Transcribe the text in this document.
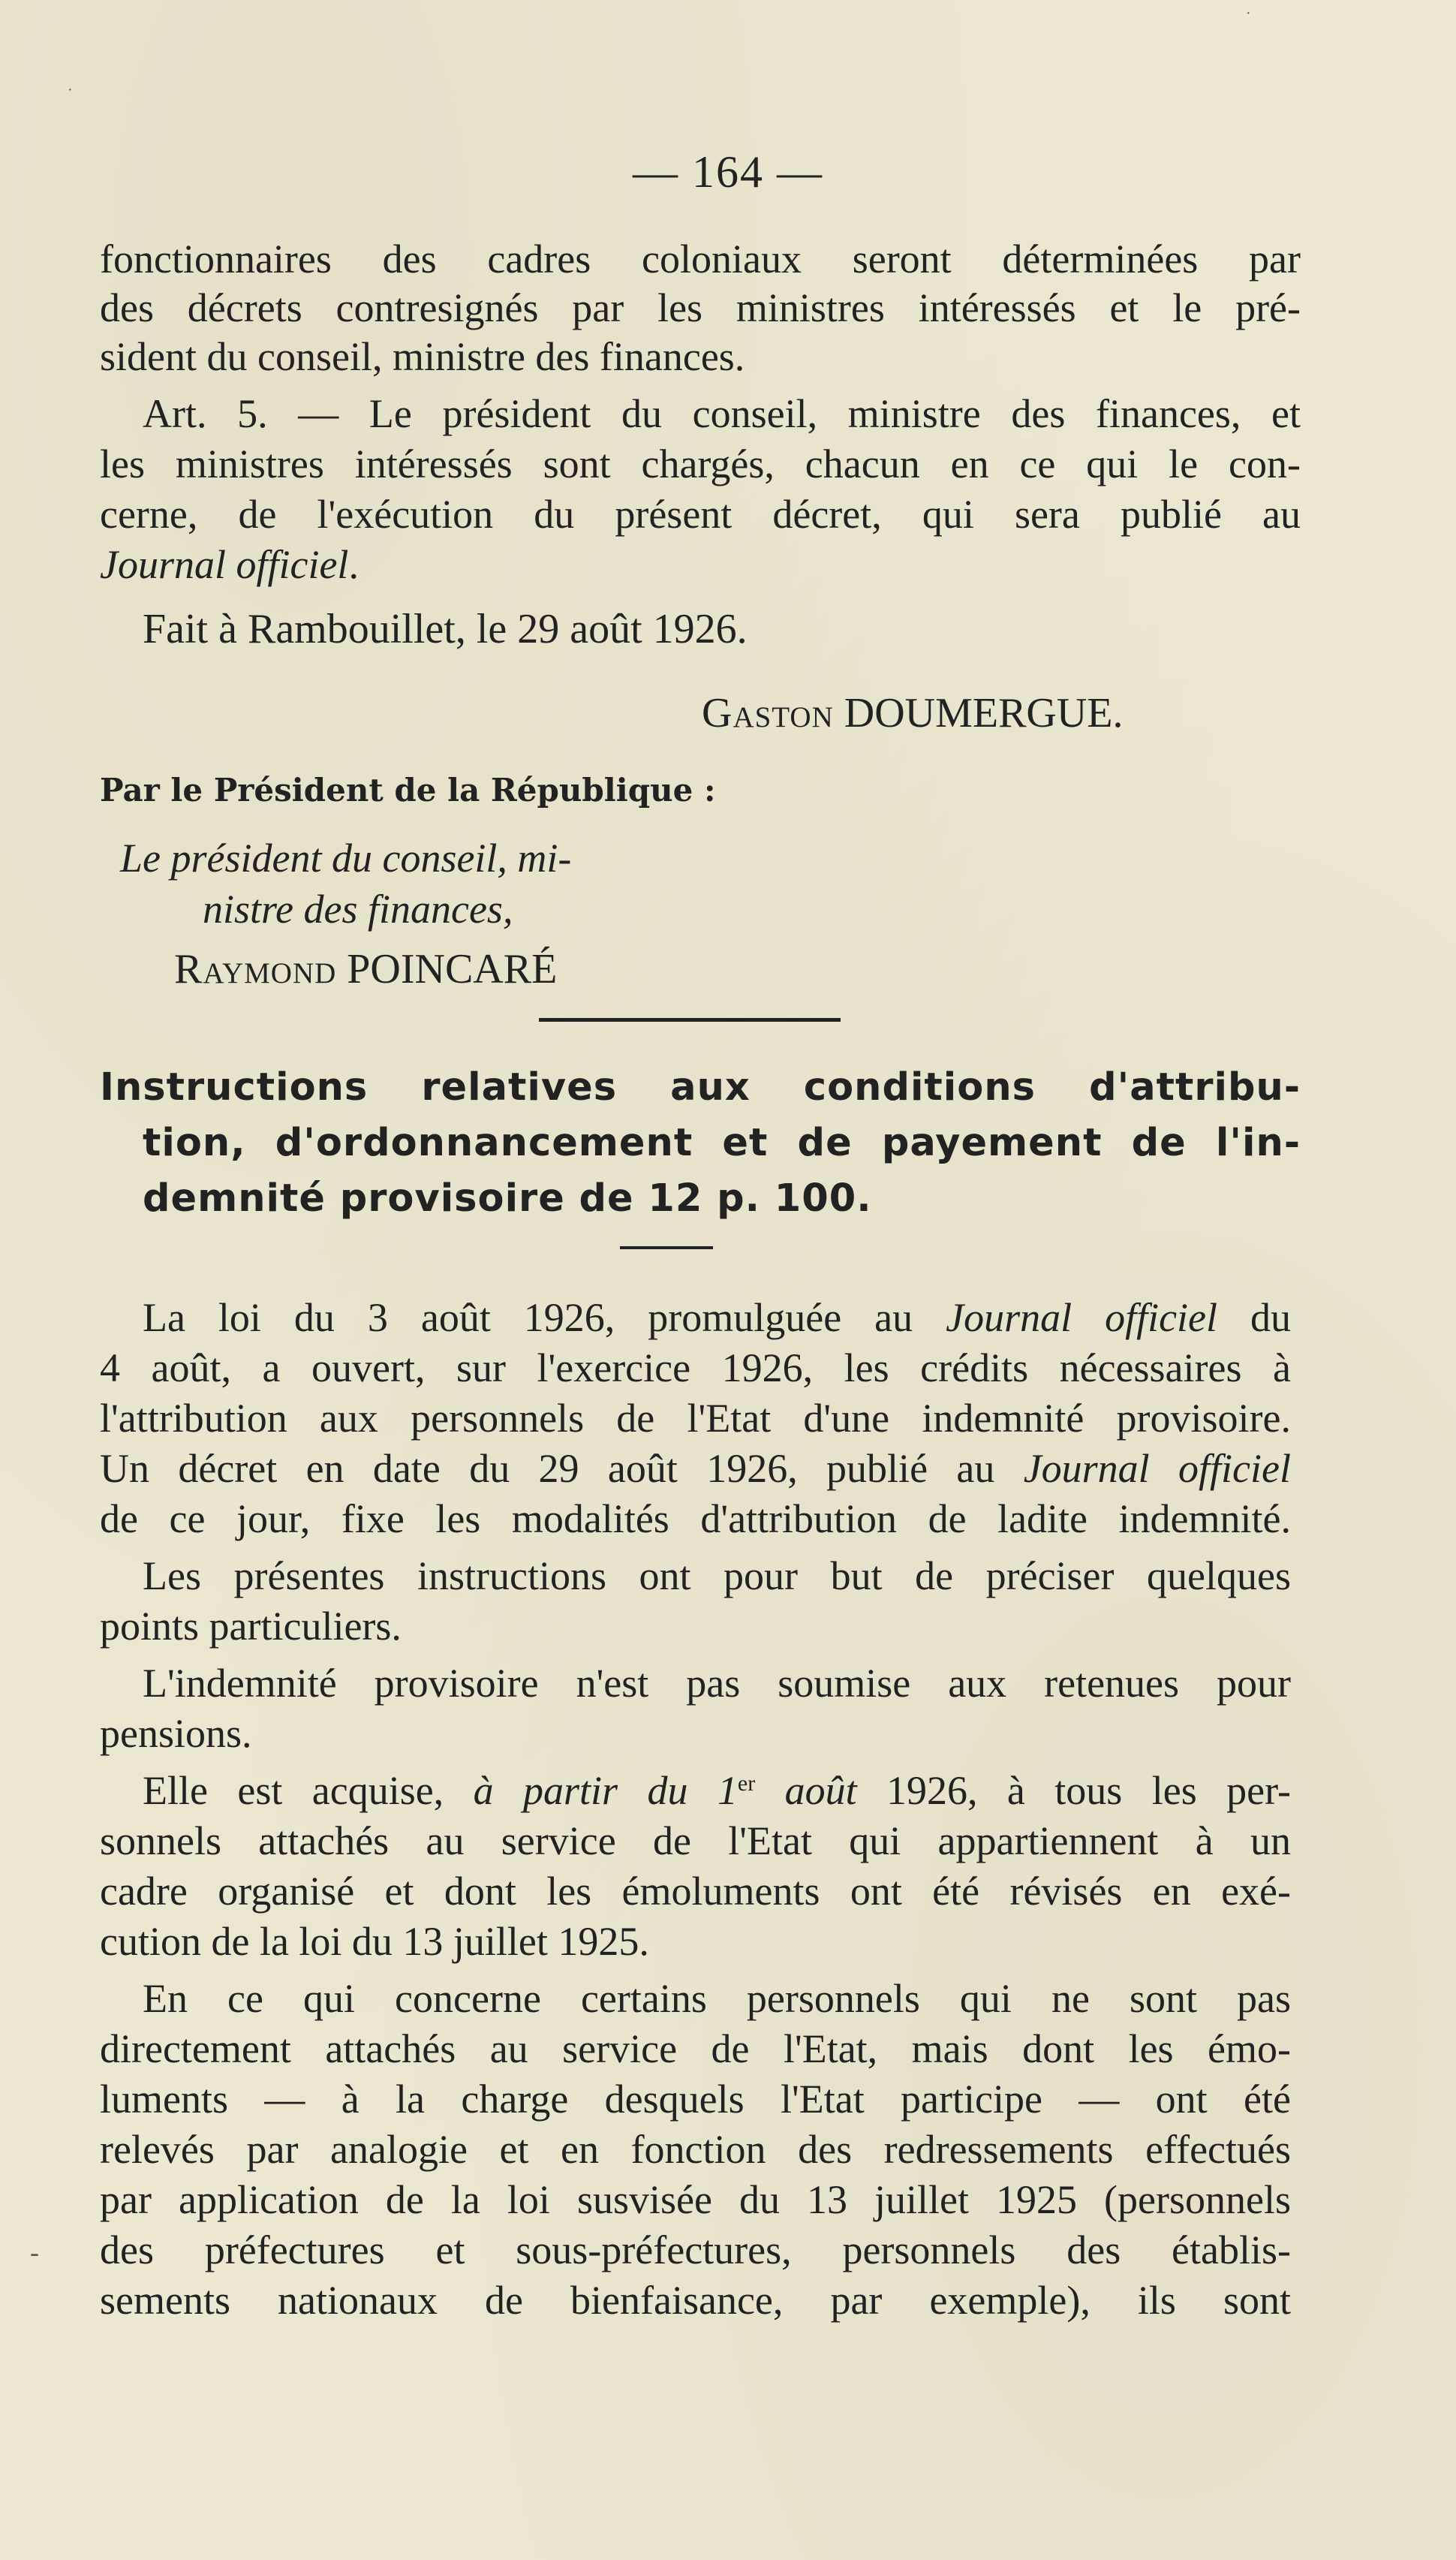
— 164 —
fonctionnaires des cadres coloniaux seront déterminées par
des décrets contresignés par les ministres intéressés et le pré-
sident du conseil, ministre des finances.
Art. 5. — Le président du conseil, ministre des finances, et
les ministres intéressés sont chargés, chacun en ce qui le con-
cerne, de l'exécution du présent décret, qui sera publié au
Journal officiel.
Fait à Rambouillet, le 29 août 1926.
Gaston DOUMERGUE.
Par le Président de la République :
Le président du conseil, mi-
nistre des finances,
Raymond POINCARÉ
Instructions relatives aux conditions d'attribu-
tion, d'ordonnancement et de payement de l'in-
demnité provisoire de 12 p. 100.
La loi du 3 août 1926, promulguée au Journal officiel du
4 août, a ouvert, sur l'exercice 1926, les crédits nécessaires à
l'attribution aux personnels de l'Etat d'une indemnité provisoire.
Un décret en date du 29 août 1926, publié au Journal officiel
de ce jour, fixe les modalités d'attribution de ladite indemnité.
Les présentes instructions ont pour but de préciser quelques
points particuliers.
L'indemnité provisoire n'est pas soumise aux retenues pour
pensions.
Elle est acquise, à partir du 1er août 1926, à tous les per-
sonnels attachés au service de l'Etat qui appartiennent à un
cadre organisé et dont les émoluments ont été révisés en exé-
cution de la loi du 13 juillet 1925.
En ce qui concerne certains personnels qui ne sont pas
directement attachés au service de l'Etat, mais dont les émo-
luments — à la charge desquels l'Etat participe — ont été
relevés par analogie et en fonction des redressements effectués
par application de la loi susvisée du 13 juillet 1925 (personnels
des préfectures et sous-préfectures, personnels des établis-
sements nationaux de bienfaisance, par exemple), ils sont
·
·
-
